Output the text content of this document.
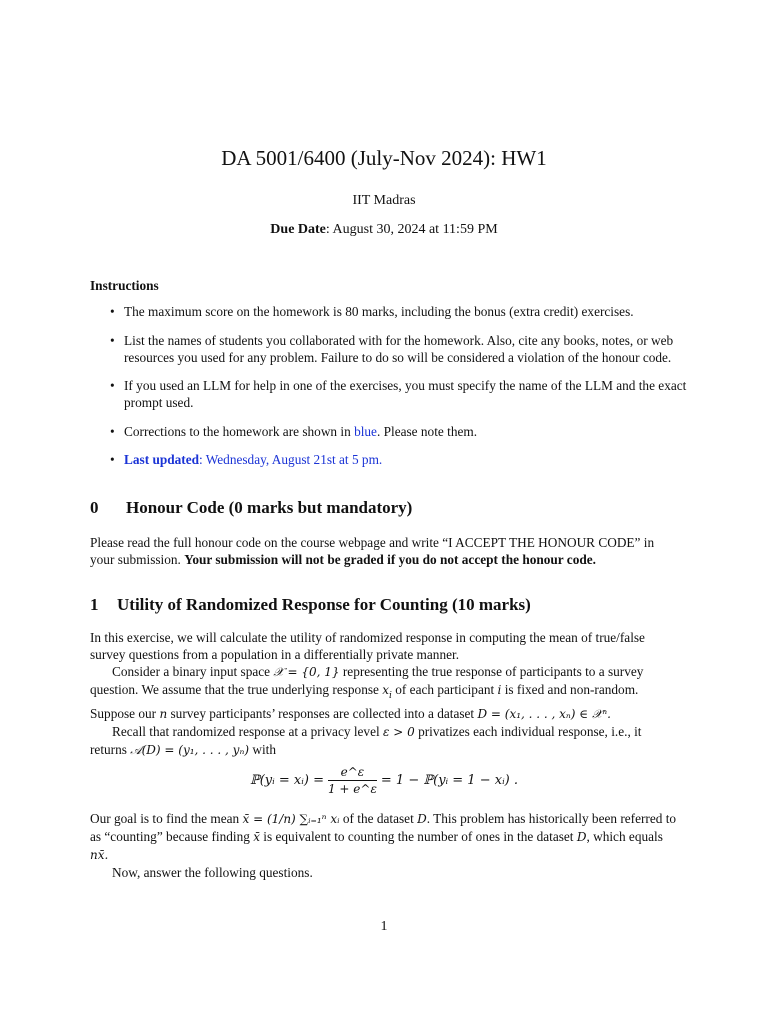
DA 5001/6400 (July-Nov 2024): HW1
IIT Madras
Due Date: August 30, 2024 at 11:59 PM
Instructions
• The maximum score on the homework is 80 marks, including the bonus (extra credit) exercises.
• List the names of students you collaborated with for the homework. Also, cite any books, notes, or web resources you used for any problem. Failure to do so will be considered a violation of the honour code.
• If you used an LLM for help in one of the exercises, you must specify the name of the LLM and the exact prompt used.
• Corrections to the homework are shown in blue. Please note them.
• Last updated: Wednesday, August 21st at 5 pm.
0 Honour Code (0 marks but mandatory)
Please read the full honour code on the course webpage and write “I ACCEPT THE HONOUR CODE” in your submission. Your submission will not be graded if you do not accept the honour code.
1 Utility of Randomized Response for Counting (10 marks)
In this exercise, we will calculate the utility of randomized response in computing the mean of true/false survey questions from a population in a differentially private manner.
Consider a binary input space 𝒳 = {0, 1} representing the true response of participants to a survey question. We assume that the true underlying response $x_i$ of each participant i is fixed and non-random. Suppose our n survey participants’ responses are collected into a dataset D = (x₁, . . . , xₙ) ∈ 𝒳ⁿ.
Recall that randomized response at a privacy level ε > 0 privatizes each individual response, i.e., it returns 𝒜(D) = (y₁, . . . , yₙ) with
ℙ(yᵢ = xᵢ) = $\frac{e\^{}\varepsilon}{1 + e\^{}\varepsilon} = 1$ − ℙ(yᵢ = 1 − xᵢ) .
Our goal is to find the mean x̄ = (1/n) ∑ᵢ₌₁ⁿ xᵢ of the dataset D. This problem has historically been referred to as “counting” because finding x̄ is equivalent to counting the number of ones in the dataset D, which equals nx̄.
Now, answer the following questions.
1
